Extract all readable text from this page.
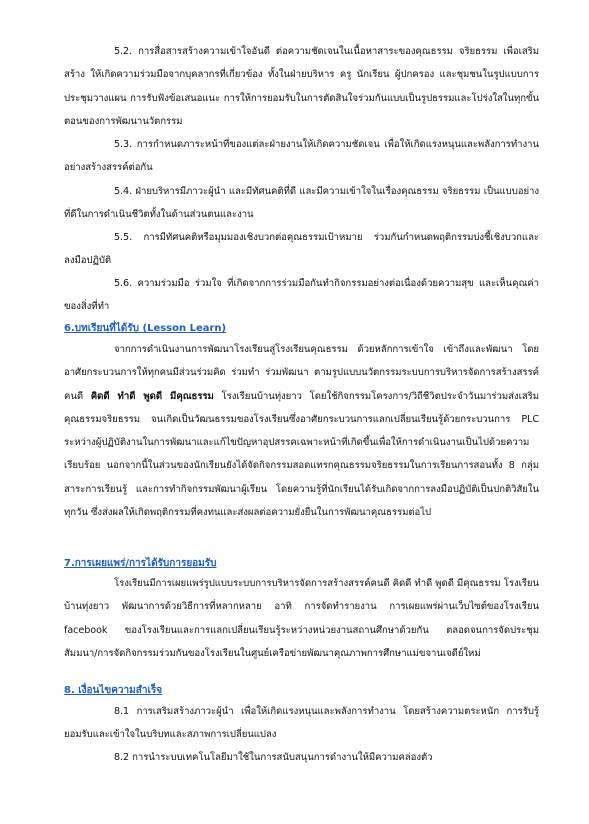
5.2. การสื่อสารสร้างความเข้าใจอันดี ต่อความชัดเจนในเนื้อหาสาระของคุณธรรม จริยธรรม เพื่อเสริมสร้าง ให้เกิดความร่วมมือจากบุคลากรที่เกี่ยวข้อง ทั้งในฝ่ายบริหาร ครู นักเรียน ผู้ปกครอง และชุมชนในรูปแบบการประชุมวางแผน การรับฟังข้อเสนอแนะ การให้การยอมรับในการตัดสินใจร่วมกันแบบเป็นรูปธรรมและโปร่งใสในทุกขั้นตอนของการพัฒนานวัตกรรม

5.3. การกำหนดภาระหน้าที่ของแต่ละฝ่ายงานให้เกิดความชัดเจน เพื่อให้เกิดแรงหนุนและพลังการทำงานอย่างสร้างสรรค์ต่อกัน

5.4. ฝ่ายบริหารมีภาวะผู้นำ และมีทัศนคติที่ดี และมีความเข้าใจในเรื่องคุณธรรม จริยธรรม เป็นแบบอย่างที่ดีในการดำเนินชีวิตทั้งในด้านส่วนตนและงาน

5.5. การมีทัศนคติหรือมุมมองเชิงบวกต่อคุณธรรมเป้าหมาย ร่วมกันกำหนดพฤติกรรมบ่งชี้เชิงบวกและลงมือปฏิบัติ

5.6. ความร่วมมือ ร่วมใจ ที่เกิดจากการร่วมมือกันทำกิจกรรมอย่างต่อเนื่องด้วยความสุข และเห็นคุณค่าของสิ่งที่ทำ

6.บทเรียนที่ได้รับ (Lesson Learn)

จากการดำเนินงานการพัฒนาโรงเรียนสู่โรงเรียนคุณธรรม ด้วยหลักการเข้าใจ เข้าถึงและพัฒนา โดยอาศัยกระบวนการให้ทุกคนมีส่วนร่วมคิด ร่วมทำ ร่วมพัฒนา ตามรูปแบบนวัตกรรมระบบการบริหารจัดการสร้างสรรค์คนดี คิดดี ทำดี พูดดี มีคุณธรรม โรงเรียนบ้านทุ่งยาว โดยใช้กิจกรรมโครงการ/วิถีชีวิตประจำวันมาร่วมส่งเสริมคุณธรรมจริยธรรม จนเกิดเป็นวัฒนธรรมของโรงเรียนซึ่งอาศัยกระบวนการแลกเปลี่ยนเรียนรู้ด้วยกระบวนการ PLC ระหว่างผู้ปฏิบัติงานในการพัฒนาและแก้ไขปัญหาอุปสรรคเฉพาะหน้าที่เกิดขึ้นเพื่อให้การดำเนินงานเป็นไปด้วยความเรียบร้อย นอกจากนี้ในส่วนของนักเรียนยังได้จัดกิจกรรมสอดแทรกคุณธรรมจริยธรรมในการเรียนการสอนทั้ง 8 กลุ่มสาระการเรียนรู้ และการทำกิจกรรมพัฒนาผู้เรียน โดยความรู้ที่นักเรียนได้รับเกิดจากการลงมือปฏิบัติเป็นปกติวิสัยในทุกวัน ซึ่งส่งผลให้เกิดพฤติกรรมที่คงทนและส่งผลต่อความยั่งยืนในการพัฒนาคุณธรรมต่อไป

7.การเผยแพร่/การได้รับการยอมรับ

โรงเรียนมีการเผยแพร่รูปแบบระบบการบริหารจัดการสร้างสรรค์คนดี คิดดี ทำดี พูดดี มีคุณธรรม โรงเรียนบ้านทุ่งยาว พัฒนาการด้วยวิธีการที่หลากหลาย อาทิ การจัดทำรายงาน การเผยแพร่ผ่านเว็บไซต์ของโรงเรียน facebook ของโรงเรียนและการแลกเปลี่ยนเรียนรู้ระหว่างหน่วยงานสถานศึกษาด้วยกัน ตลอดจนการจัดประชุมสัมมนา/การจัดกิจกรรมร่วมกันของโรงเรียนในศูนย์เครือข่ายพัฒนาคุณภาพการศึกษาแม่ขจานเจดีย์ใหม่

8. เงื่อนไขความสำเร็จ

8.1 การเสริมสร้างภาวะผู้นำ เพื่อให้เกิดแรงหนุนและพลังการทำงาน โดยสร้างความตระหนัก การรับรู้ ยอมรับและเข้าใจในบริบทและสภาพการเปลี่ยนแปลง

8.2 การนำระบบเทคโนโลยีมาใช้ในการสนับสนุนการดำงานให้มีความคล่องตัว
